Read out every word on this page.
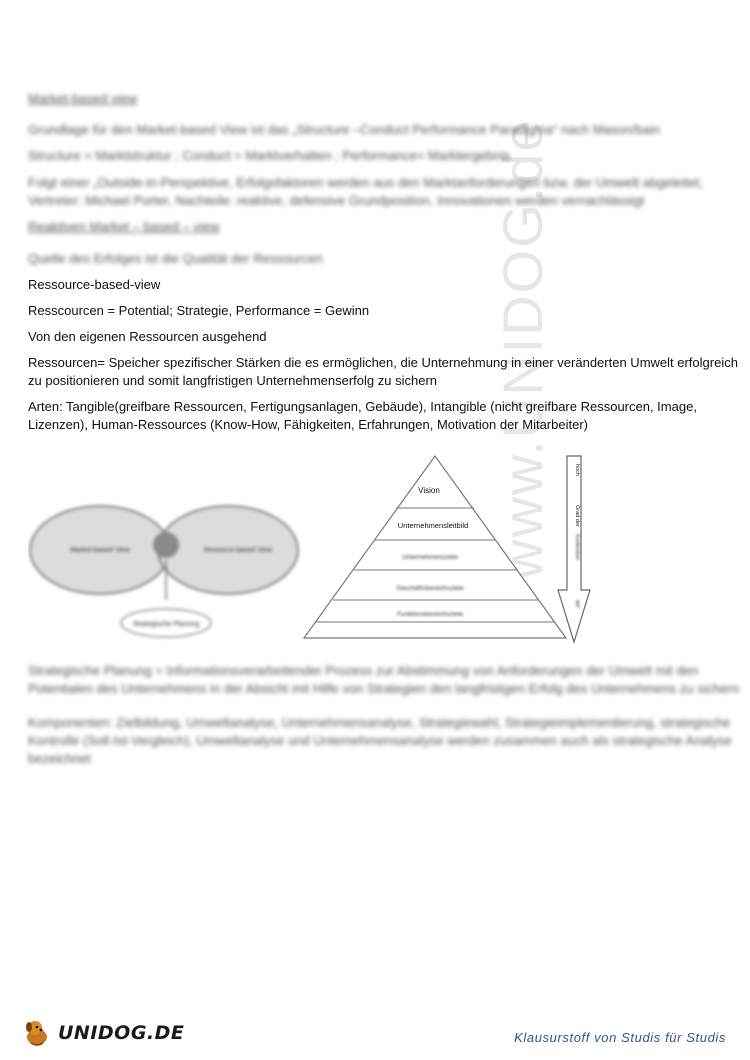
www.UNIDOG.de

Market-based view

Grundlage für den Market-based View ist das „Structure –Conduct Performance Paradigma“ nach Mason/bain

Structure = Marktstruktur ; Conduct = Marktverhalten ; Performance= Marktergebnis

Folgt einer „Outside-in-Perspektive, Erfolgsfaktoren werden aus den Marktanforderungen bzw. der Umwelt abgeleitet, Vertreter: Michael Porter, Nachteile: reaktive, defensive Grundposition, Innovationen werden vernachlässigt

Reaktiven Market – based – view

Quelle des Erfolges ist die Qualität der Ressourcen

Ressource-based-view

Resscourcen = Potential; Strategie, Performance = Gewinn

Von den eigenen Ressourcen ausgehend

Ressourcen= Speicher spezifischer Stärken die es ermöglichen, die Unternehmung in einer veränderten Umwelt erfolgreich zu positionieren und somit langfristigen Unternehmenserfolg zu sichern

Arten: Tangible(greifbare Ressourcen, Fertigungsanlagen, Gebäude), Intangible (nicht greifbare Ressourcen, Image, Lizenzen), Human-Ressources (Know-How, Fähigkeiten, Erfahrungen, Motivation der Mitarbeiter)

Market-based View	Resource-based View
Strategische Planung
Vision
Unternehmensleitbild
Unternehmensziele
Geschäftsbereichsziele
Funktionsbereichsziele
hoch
Grad der
Konkretion
tief

Strategische Planung = Informationsverarbeitender Prozess zur Abstimmung von Anforderungen der Umwelt mit den Potentialen des Unternehmens in der Absicht mit Hilfe von Strategien den langfristigen Erfolg des Unternehmens zu sichern

Komponenten: Zielbildung, Umweltanalyse, Unternehmensanalyse, Strategiewahl, Strategieimplementierung, strategische Kontrolle (Soll-Ist-Vergleich), Umweltanalyse und Unternehmensanalyse werden zusammen auch als strategische Analyse bezeichnet

UNIDOG.DE	Klausurstoff von Studis für Studis
